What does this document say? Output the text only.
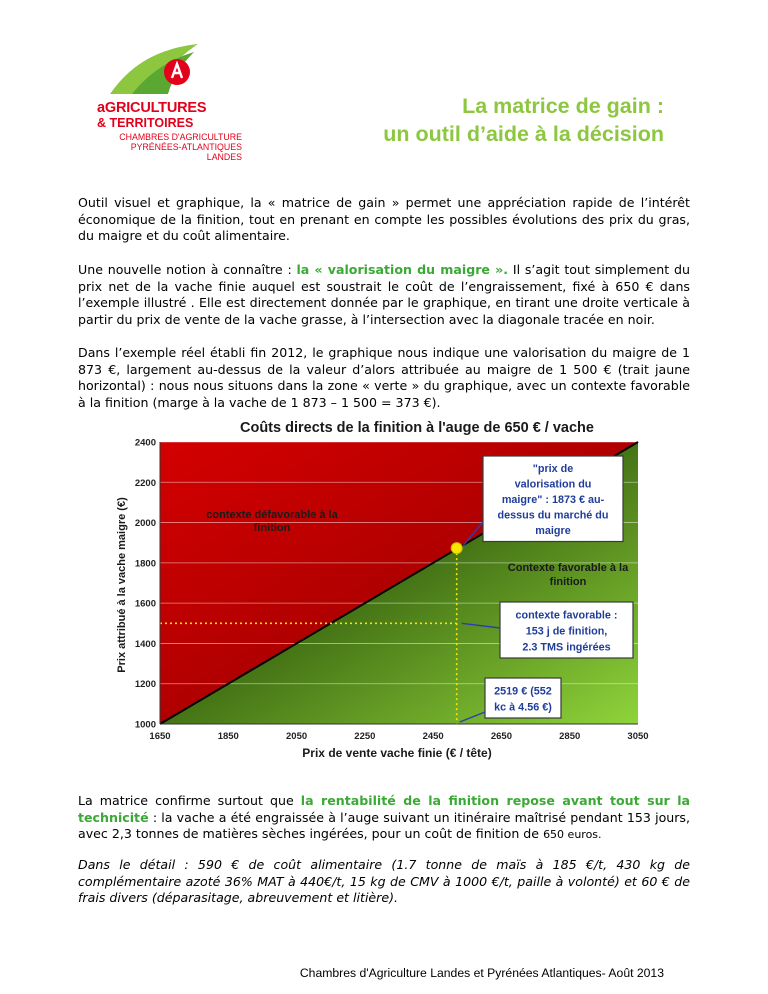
aGRICULTURES
& TERRITOIRES
CHAMBRES D'AGRICULTURE
PYRÉNÉES-ATLANTIQUES
LANDES
La matrice de gain :
un outil d’aide à la décision

Outil visuel et graphique, la « matrice de gain » permet une appréciation rapide de l’intérêt économique de la finition, tout en prenant en compte les possibles évolutions des prix du gras, du maigre et du coût alimentaire.

Une nouvelle notion à connaître : la « valorisation du maigre ». Il s’agit tout simplement du prix net de la vache finie auquel est soustrait le coût de l’engraissement, fixé à 650 € dans l’exemple illustré . Elle est directement donnée par le graphique, en tirant une droite verticale à partir du prix de vente de la vache grasse, à l’intersection avec la diagonale tracée en noir.

Dans l’exemple réel établi fin 2012, le graphique nous indique une valorisation du maigre de 1 873 €, largement au-dessus de la valeur d’alors attribuée au maigre de 1 500 € (trait jaune horizontal) : nous nous situons dans la zone « verte » du graphique, avec un contexte favorable à la finition (marge à la vache de 1 873 – 1 500 = 373 €).

contexte défavorable à la
finition
Contexte favorable à la
finition
"prix de
valorisation du
maigre" : 1873 € au-
dessus du marché du
maigre
contexte favorable :
153 j de finition,
2.3 TMS ingérées
2519 € (552
kc à 4.56 €)
2400
2200
2000
1800
1600
1400
1200
1000
1650	1850	2050	2250	2450	2650	2850	3050
Coûts directs de la finition à l'auge de 650 € / vache
Prix de vente vache finie (€ / tête)
Prix attribué à la vache maigre (€)

La matrice confirme surtout que la rentabilité de la finition repose avant tout sur la technicité : la vache a été engraissée à l’auge suivant un itinéraire maîtrisé pendant 153 jours, avec 2,3 tonnes de matières sèches ingérées, pour un coût de finition de 650 euros.

Dans le détail : 590 € de coût alimentaire (1.7 tonne de maïs à 185 €/t, 430 kg de complémentaire azoté 36% MAT à 440€/t, 15 kg de CMV à 1000 €/t, paille à volonté) et 60 € de frais divers (déparasitage, abreuvement et litière).

Chambres d'Agriculture Landes et Pyrénées Atlantiques- Août 2013
